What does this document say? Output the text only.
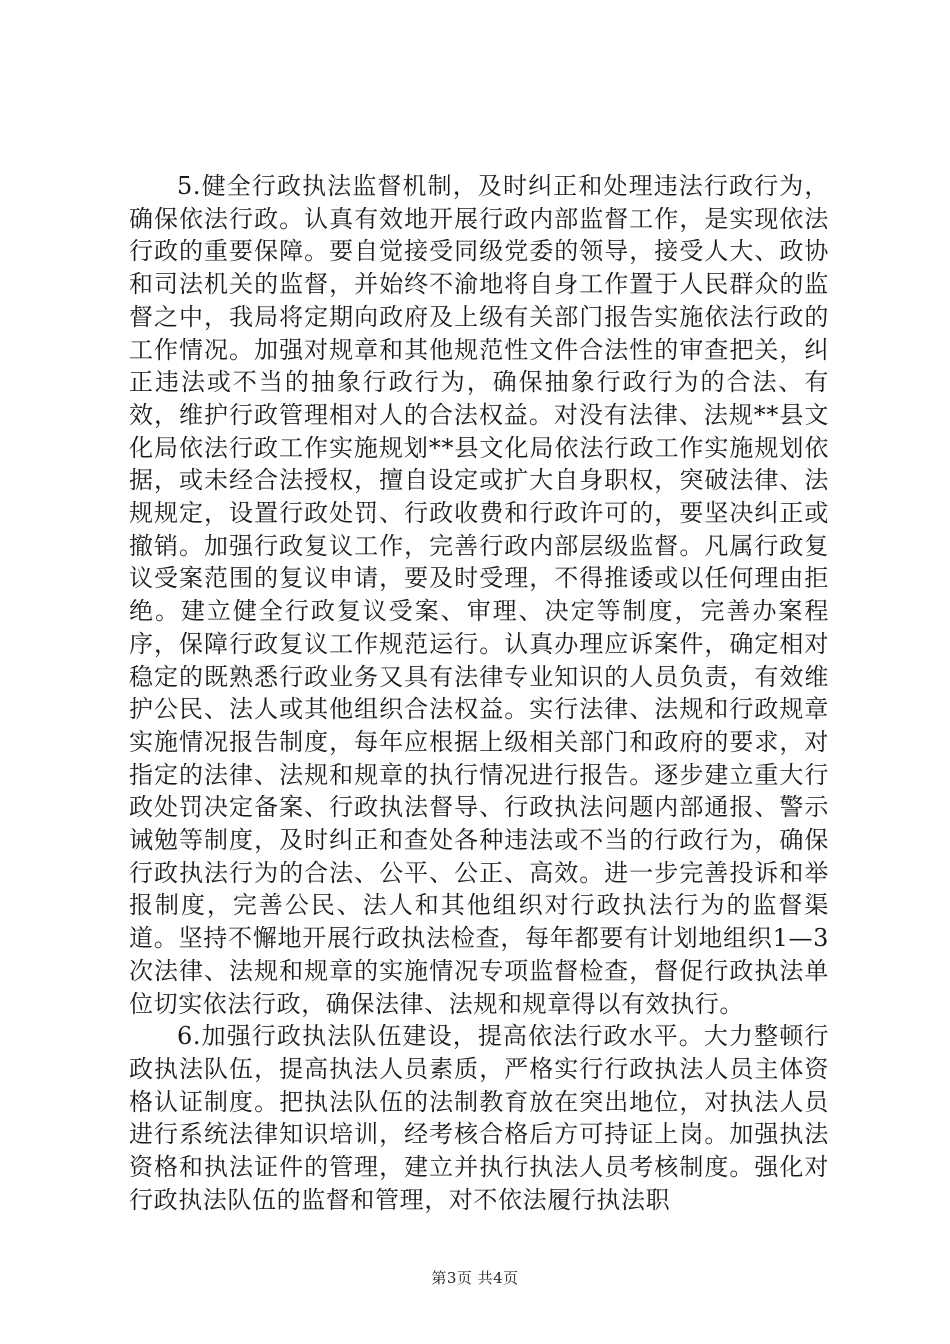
5.健全行政执法监督机制，及时纠正和处理违法行政行为，确保依法行政。认真有效地开展行政内部监督工作，是实现依法行政的重要保障。要自觉接受同级党委的领导，接受人大、政协和司法机关的监督，并始终不渝地将自身工作置于人民群众的监督之中，我局将定期向政府及上级有关部门报告实施依法行政的工作情况。加强对规章和其他规范性文件合法性的审查把关，纠正违法或不当的抽象行政行为，确保抽象行政行为的合法、有效，维护行政管理相对人的合法权益。对没有法律、法规**县文化局依法行政工作实施规划**县文化局依法行政工作实施规划依据，或未经合法授权，擅自设定或扩大自身职权，突破法律、法规规定，设置行政处罚、行政收费和行政许可的，要坚决纠正或撤销。加强行政复议工作，完善行政内部层级监督。凡属行政复议受案范围的复议申请，要及时受理，不得推诿或以任何理由拒绝。建立健全行政复议受案、审理、决定等制度，完善办案程序，保障行政复议工作规范运行。认真办理应诉案件，确定相对稳定的既熟悉行政业务又具有法律专业知识的人员负责，有效维护公民、法人或其他组织合法权益。实行法律、法规和行政规章实施情况报告制度，每年应根据上级相关部门和政府的要求，对指定的法律、法规和规章的执行情况进行报告。逐步建立重大行政处罚决定备案、行政执法督导、行政执法问题内部通报、警示诫勉等制度，及时纠正和查处各种违法或不当的行政行为，确保行政执法行为的合法、公平、公正、高效。进一步完善投诉和举报制度，完善公民、法人和其他组织对行政执法行为的监督渠道。坚持不懈地开展行政执法检查，每年都要有计划地组织1—3次法律、法规和规章的实施情况专项监督检查，督促行政执法单位切实依法行政，确保法律、法规和规章得以有效执行。

6.加强行政执法队伍建设，提高依法行政水平。大力整顿行政执法队伍，提高执法人员素质，严格实行行政执法人员主体资格认证制度。把执法队伍的法制教育放在突出地位，对执法人员进行系统法律知识培训，经考核合格后方可持证上岗。加强执法资格和执法证件的管理，建立并执行执法人员考核制度。强化对行政执法队伍的监督和管理，对不依法履行执法职

第3页 共4页
